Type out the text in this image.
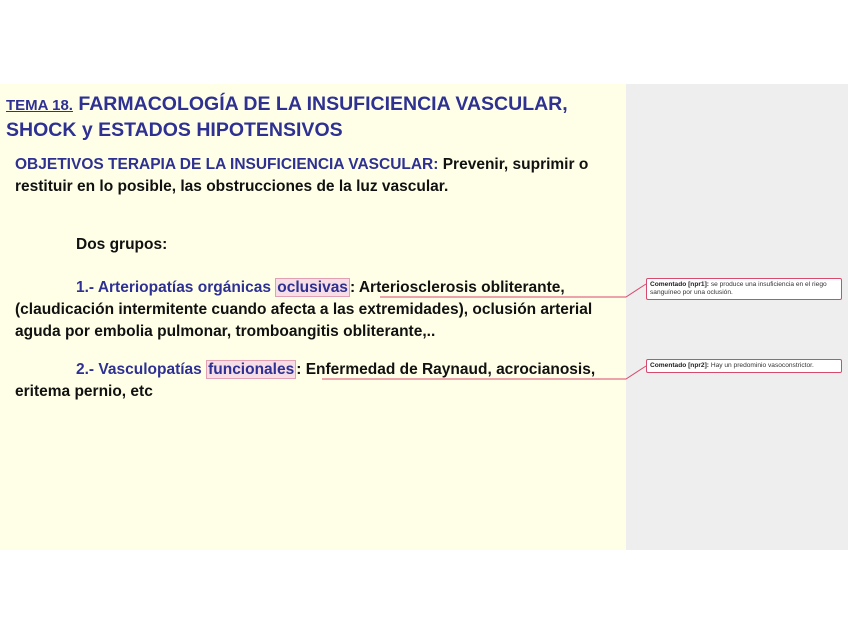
TEMA 18. FARMACOLOGÍA DE LA INSUFICIENCIA VASCULAR, SHOCK y ESTADOS HIPOTENSIVOS
OBJETIVOS TERAPIA DE LA INSUFICIENCIA VASCULAR: Prevenir, suprimir o restituir en lo posible, las obstrucciones de la luz vascular.
Dos grupos:
1.- Arteriopatías orgánicas oclusivas : Arteriosclerosis obliterante, (claudicación intermitente cuando afecta a las extremidades), oclusión arterial aguda por embolia pulmonar, tromboangitis obliterante,..
2.- Vasculopatías funcionales : Enfermedad de Raynaud, acrocianosis, eritema pernio, etc
Comentado [npr1]: se produce una insuficiencia en el riego sanguíneo por una oclusión.
Comentado [npr2]: Hay un predominio vasoconstrictor.
